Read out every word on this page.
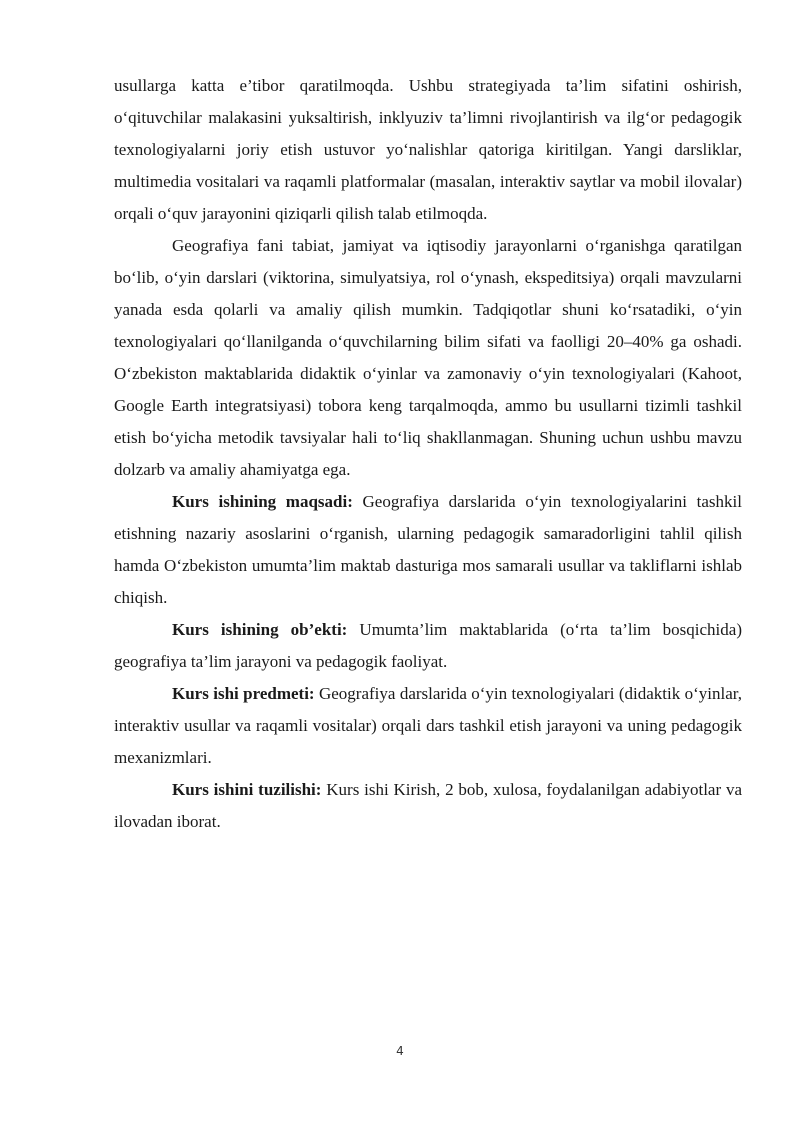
usullarga katta e’tibor qaratilmoqda. Ushbu strategiyada ta’lim sifatini oshirish, o‘qituvchilar malakasini yuksaltirish, inklyuziv ta’limni rivojlantirish va ilg‘or pedagogik texnologiyalarni joriy etish ustuvor yo‘nalishlar qatoriga kiritilgan. Yangi darsliklar, multimedia vositalari va raqamli platformalar (masalan, interaktiv saytlar va mobil ilovalar) orqali o‘quv jarayonini qiziqarli qilish talab etilmoqda.

Geografiya fani tabiat, jamiyat va iqtisodiy jarayonlarni o‘rganishga qaratilgan bo‘lib, o‘yin darslari (viktorina, simulyatsiya, rol o‘ynash, ekspeditsiya) orqali mavzularni yanada esda qolarli va amaliy qilish mumkin. Tadqiqotlar shuni ko‘rsatadiki, o‘yin texnologiyalari qo‘llanilganda o‘quvchilarning bilim sifati va faolligi 20–40% ga oshadi. O‘zbekiston maktablarida didaktik o‘yinlar va zamonaviy o‘yin texnologiyalari (Kahoot, Google Earth integratsiyasi) tobora keng tarqalmoqda, ammo bu usullarni tizimli tashkil etish bo‘yicha metodik tavsiyalar hali to‘liq shakllanmagan. Shuning uchun ushbu mavzu dolzarb va amaliy ahamiyatga ega.

Kurs ishining maqsadi: Geografiya darslarida o‘yin texnologiyalarini tashkil etishning nazariy asoslarini o‘rganish, ularning pedagogik samaradorligini tahlil qilish hamda O‘zbekiston umumta’lim maktab dasturiga mos samarali usullar va takliflarni ishlab chiqish.

Kurs ishining ob’ekti: Umumta’lim maktablarida (o‘rta ta’lim bosqichida) geografiya ta’lim jarayoni va pedagogik faoliyat.

Kurs ishi predmeti: Geografiya darslarida o‘yin texnologiyalari (didaktik o‘yinlar, interaktiv usullar va raqamli vositalar) orqali dars tashkil etish jarayoni va uning pedagogik mexanizmlari.

Kurs ishini tuzilishi: Kurs ishi Kirish, 2 bob, xulosa, foydalanilgan adabiyotlar va ilovadan iborat.

4
